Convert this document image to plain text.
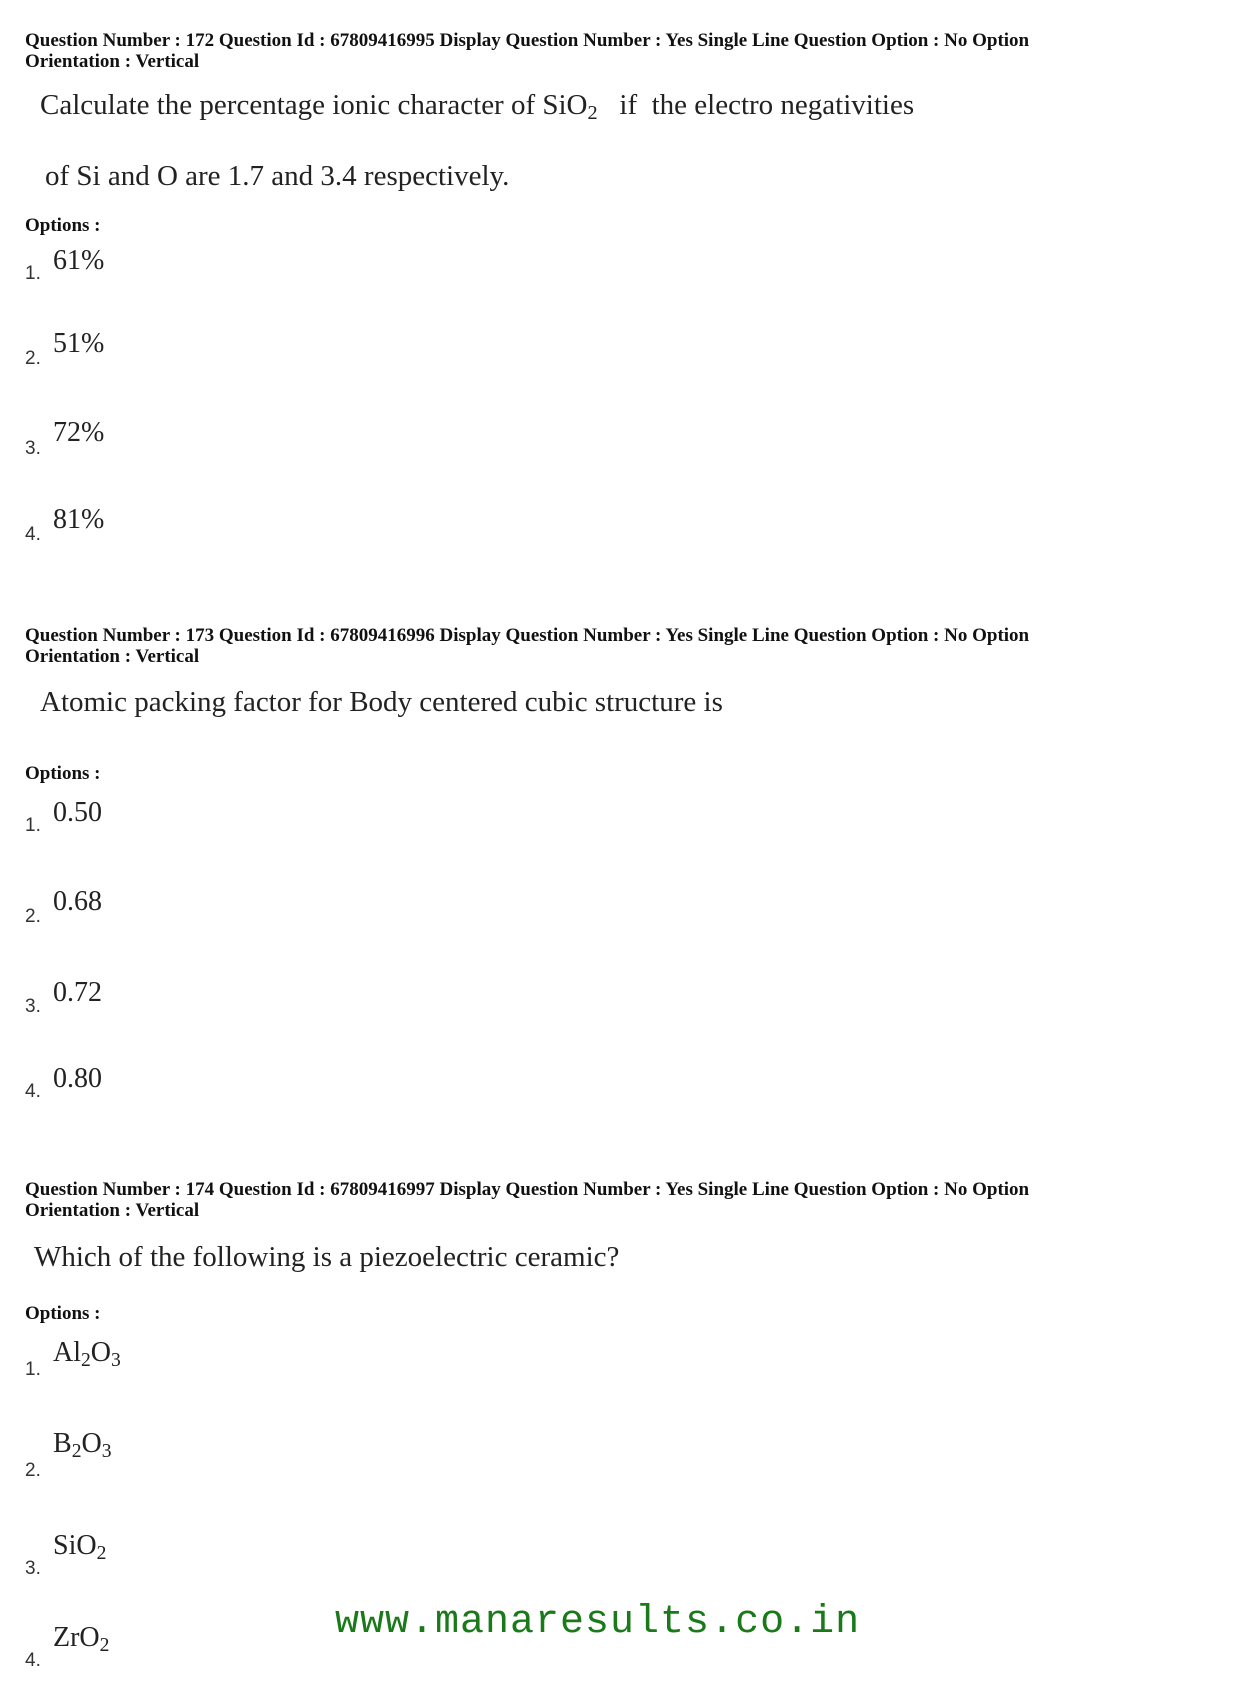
Question Number : 172 Question Id : 67809416995 Display Question Number : Yes Single Line Question Option : No Option
Orientation : Vertical
Calculate the percentage ionic character of SiO$_2$   if  the electro negativities
of Si and O are 1.7 and 3.4 respectively.
Options :
1. 61%
2. 51%
3.
72%
4. 81%
Question Number : 173 Question Id : 67809416996 Display Question Number : Yes Single Line Question Option : No Option
Orientation : Vertical
Atomic packing factor for Body centered cubic structure is
Options :
1. 0.50
2. 0.68
3. 0.72
4. 0.80
Question Number : 174 Question Id : 67809416997 Display Question Number : Yes Single Line Question Option : No Option
Orientation : Vertical
Which of the following is a piezoelectric ceramic?
Options :
1.
$Al_2O_3$
2.
$B_2O_3$
3.
SiO$_2$
4.
ZrO$_2$
www.manaresults.co.in
